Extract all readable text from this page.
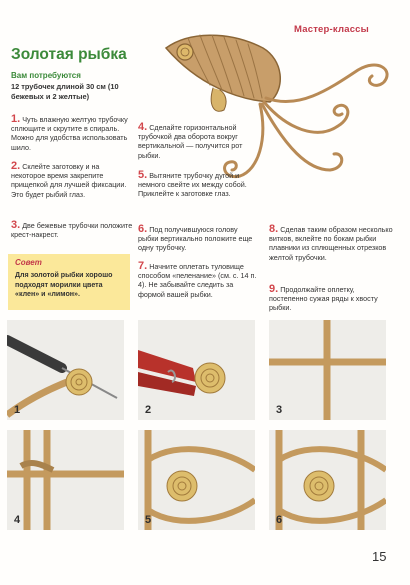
Мастер-классы
Золотая рыбка
Вам потребуются
12 трубочек длиной 30 см (10 бежевых и 2 желтые)
1. Чуть влажную желтую трубочку сплющите и скрутите в спираль. Можно для удобства использовать шило.
2. Склейте заготовку и на некоторое время закрепите прищепкой для лучшей фиксации. Это будет рыбий глаз.
3. Две бежевые трубочки положите крест-накрест.
Совет
Для золотой рыбки хорошо подходят морилки цвета «клен» и «лимон».
4. Сделайте горизонтальной трубочкой два оборота вокруг вертикальной — получится рот рыбки.
5. Вытяните трубочку дугой и немного свейте их между собой. Приклейте к заготовке глаз.
6. Под получившуюся голову рыбки вертикально положите еще одну трубочку.
7. Начните оплетать туловище способом «пеленание» (см. с. 14 п. 4). Не забывайте следить за формой вашей рыбки.
8. Сделав таким образом несколько витков, вклейте по бокам рыбки плавники из сплющенных отрезков желтой трубочки.
9. Продолжайте оплетку, постепенно сужая ряды к хвосту рыбки.
1	2	3
4	5	6
15
